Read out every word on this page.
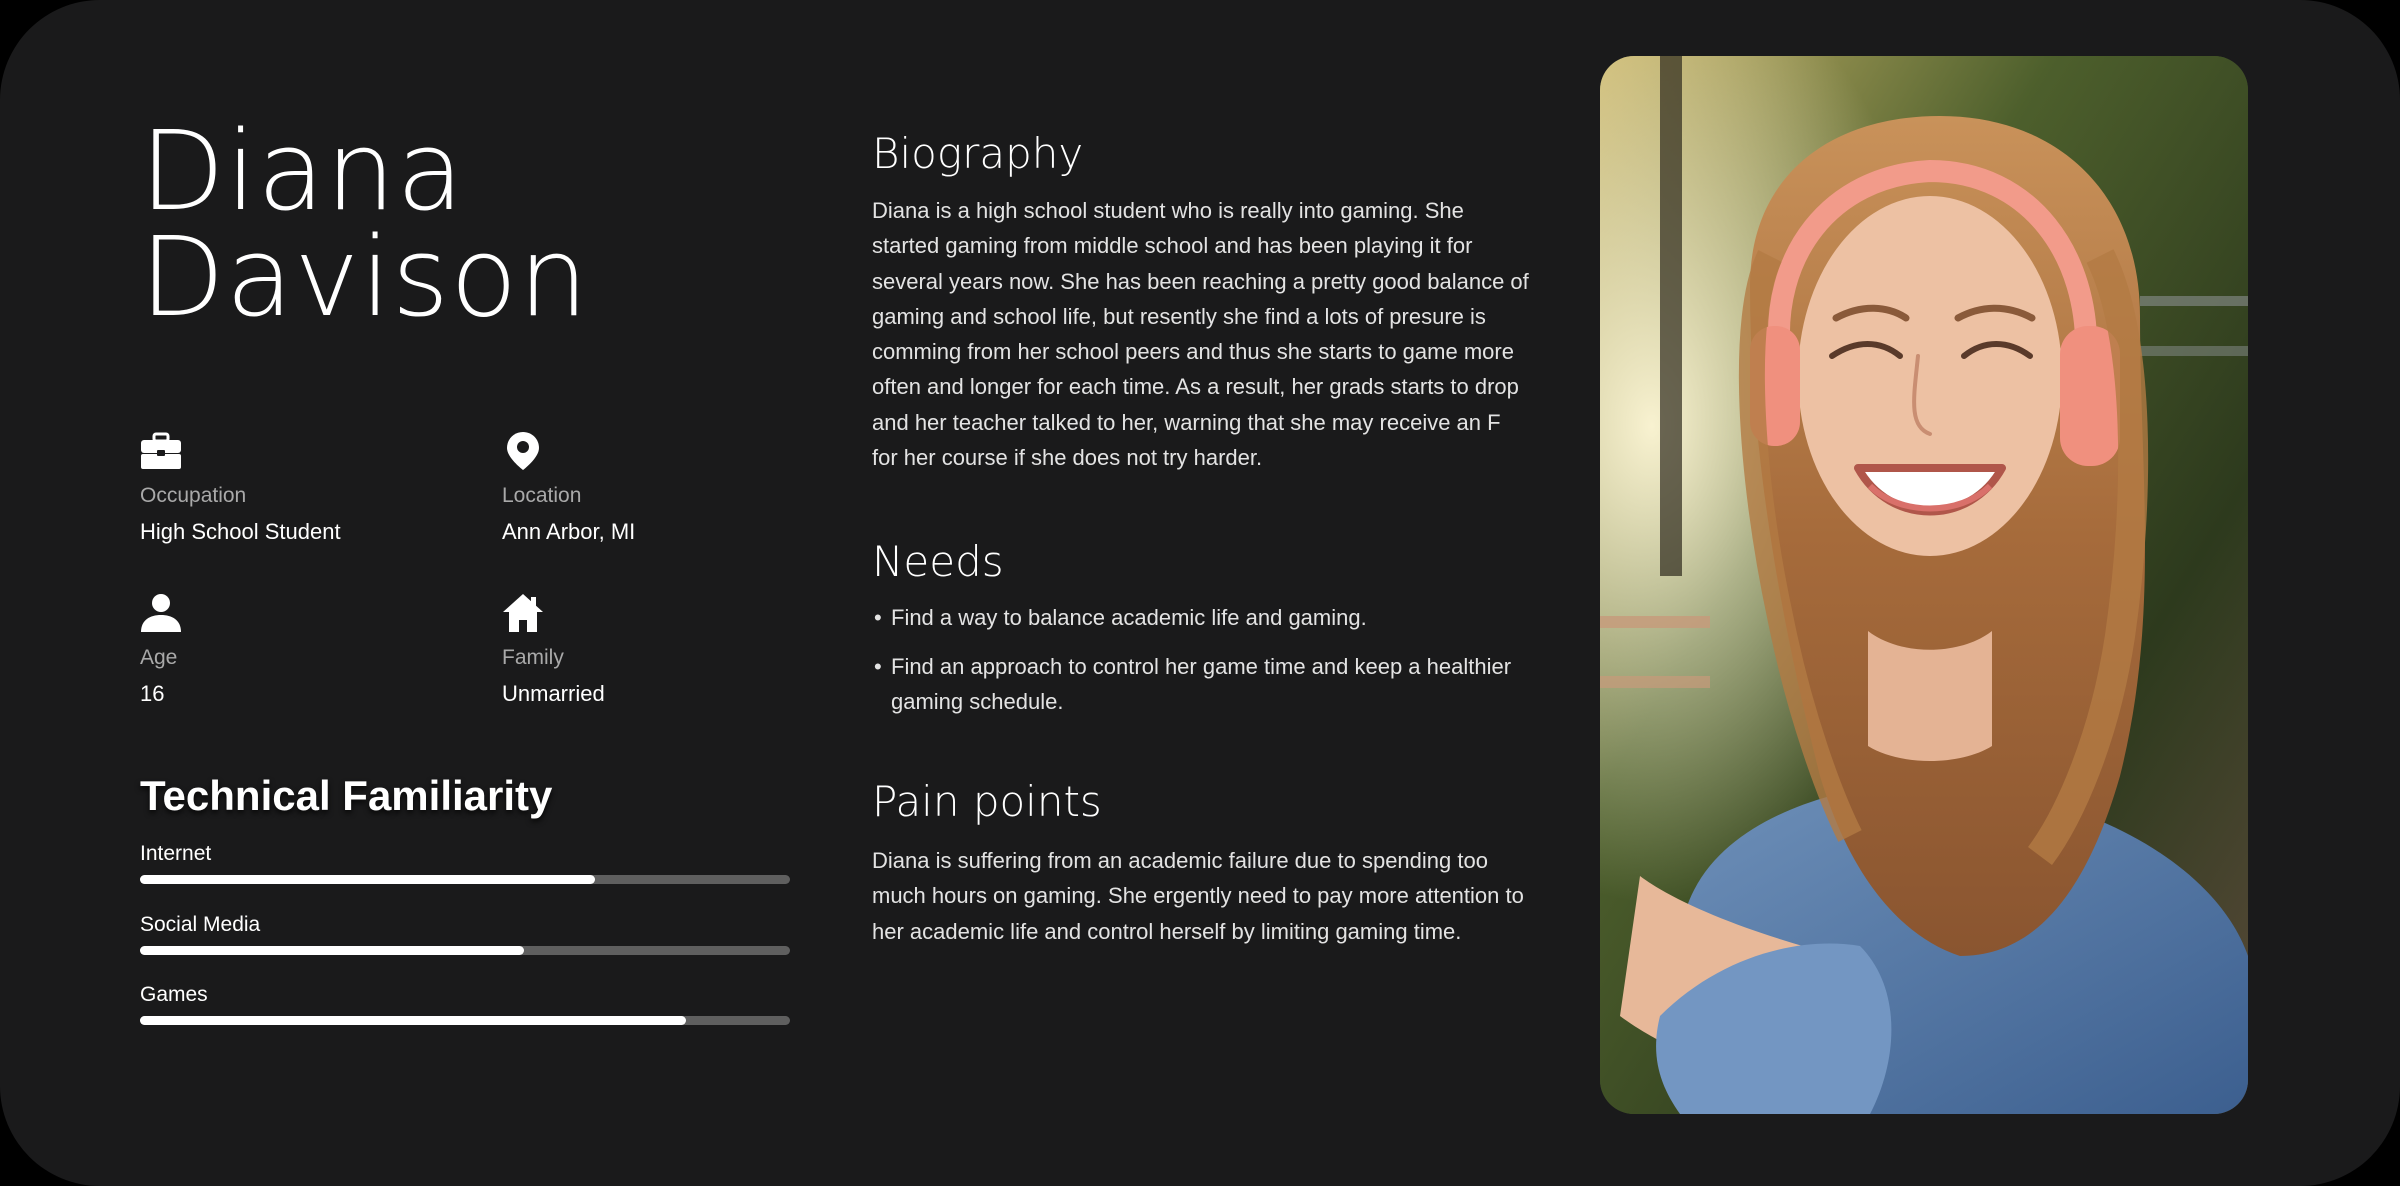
Diana
Davison
Occupation
High School Student
Location
Ann Arbor, MI
Age
16
Family
Unmarried
Technical Familiarity
Internet
Social Media
Games
Biography

Diana is a high school student who is really into gaming. She started gaming from middle school and has been playing it for several years now. She has been reaching a pretty good balance of gaming and school life, but resently she find a lots of presure is comming from her school peers and thus she starts to game more often and longer for each time. As a result, her grads starts to drop and her teacher talked to her, warning that she may receive an F for her course if she does not try harder.

Needs
• Find a way to balance academic life and gaming.
• Find an approach to control her game time and keep a healthier gaming schedule.
Pain points

Diana is suffering from an academic failure due to spending too much hours on gaming. She ergently need to pay more attention to her academic life and control herself by limiting gaming time.
